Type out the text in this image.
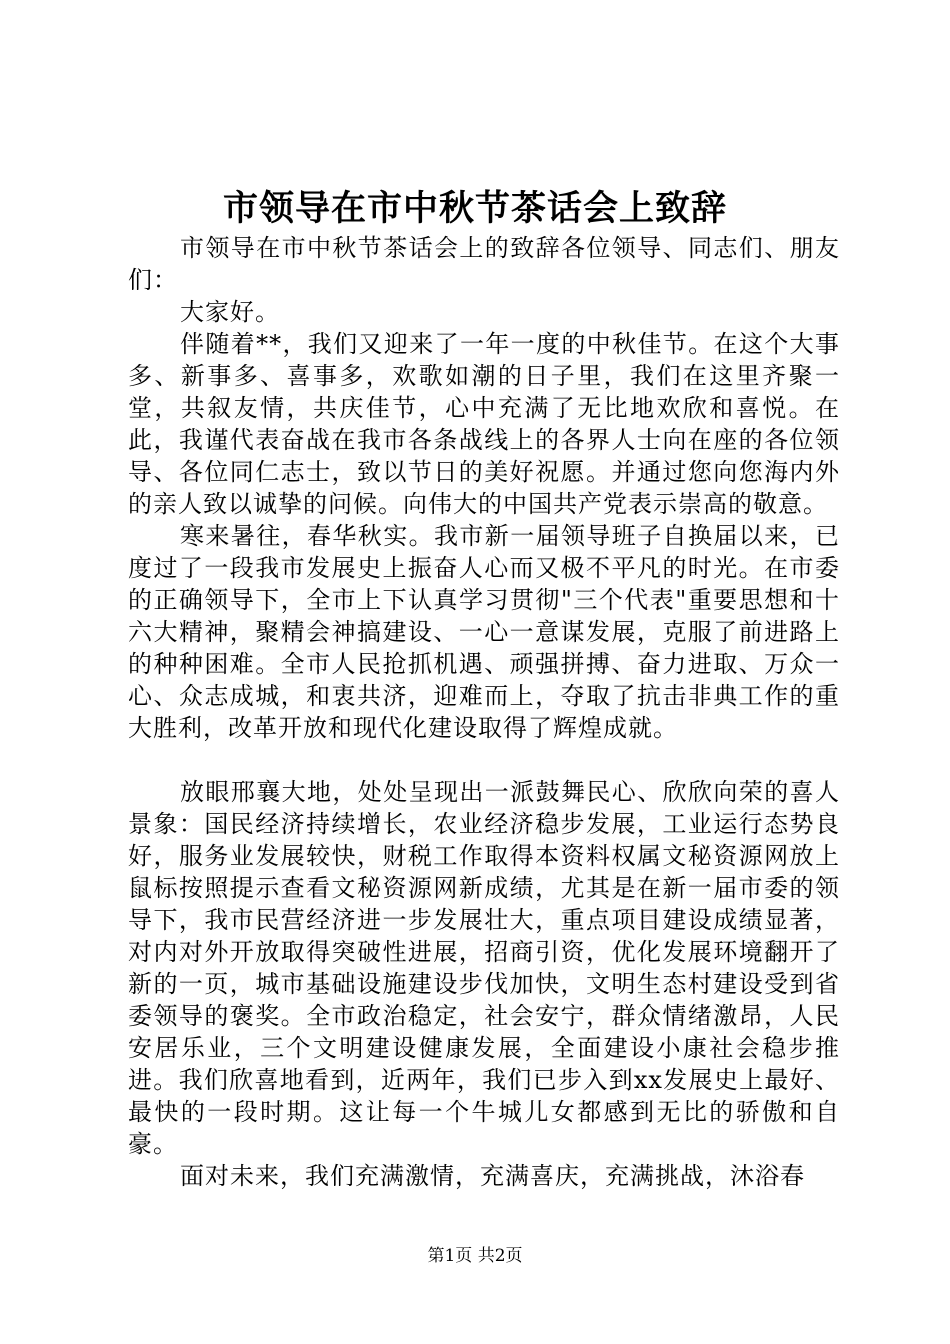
市领导在市中秋节茶话会上致辞

市领导在市中秋节茶话会上的致辞各位领导、同志们、朋友们：

大家好。

伴随着**，我们又迎来了一年一度的中秋佳节。在这个大事多、新事多、喜事多，欢歌如潮的日子里，我们在这里齐聚一堂，共叙友情，共庆佳节，心中充满了无比地欢欣和喜悦。在此，我谨代表奋战在我市各条战线上的各界人士向在座的各位领导、各位同仁志士，致以节日的美好祝愿。并通过您向您海内外的亲人致以诚挚的问候。向伟大的中国共产党表示崇高的敬意。

寒来暑往，春华秋实。我市新一届领导班子自换届以来，已度过了一段我市发展史上振奋人心而又极不平凡的时光。在市委的正确领导下，全市上下认真学习贯彻"三个代表"重要思想和十六大精神，聚精会神搞建设、一心一意谋发展，克服了前进路上的种种困难。全市人民抢抓机遇、顽强拼搏、奋力进取、万众一心、众志成城，和衷共济，迎难而上，夺取了抗击非典工作的重大胜利，改革开放和现代化建设取得了辉煌成就。

放眼邢襄大地，处处呈现出一派鼓舞民心、欣欣向荣的喜人景象：国民经济持续增长，农业经济稳步发展，工业运行态势良好，服务业发展较快，财税工作取得本资料权属文秘资源网放上鼠标按照提示查看文秘资源网新成绩，尤其是在新一届市委的领导下，我市民营经济进一步发展壮大，重点项目建设成绩显著，对内对外开放取得突破性进展，招商引资，优化发展环境翻开了新的一页，城市基础设施建设步伐加快，文明生态村建设受到省委领导的褒奖。全市政治稳定，社会安宁，群众情绪激昂，人民安居乐业，三个文明建设健康发展，全面建设小康社会稳步推进。我们欣喜地看到，近两年，我们已步入到xx发展史上最好、最快的一段时期。这让每一个牛城儿女都感到无比的骄傲和自豪。

面对未来，我们充满激情，充满喜庆，充满挑战，沐浴春

第1页 共2页
